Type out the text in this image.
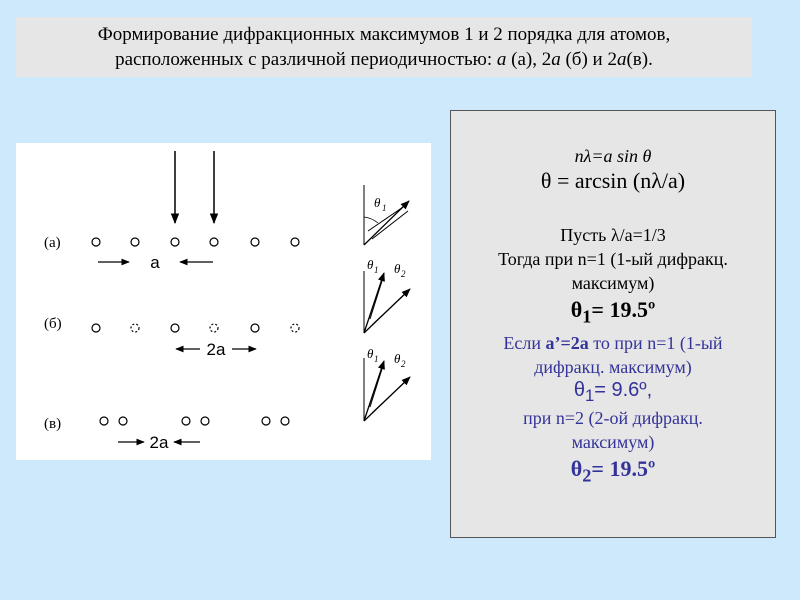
Формирование дифракционных максимумов 1 и 2 порядка для атомов,
расположенных с различной периодичностью: a (а), 2a (б) и 2a(в).
(а)
(б)
(в)
a
2a
2a
θ 1
θ 1 θ 2
θ 1 θ 2
nλ=a sin θ
θ = arcsin (nλ/a)
Пусть λ/a=1/3
Тогда при n=1 (1-ый дифракц.
максимум)
$\theta_1=$ 19.5º
Если a’=2a то при n=1 (1-ый
дифракц. максимум)
$\theta_1=$ 9.6º,
при n=2 (2-ой дифракц.
максимум)
$\theta_2=$ 19.5º
